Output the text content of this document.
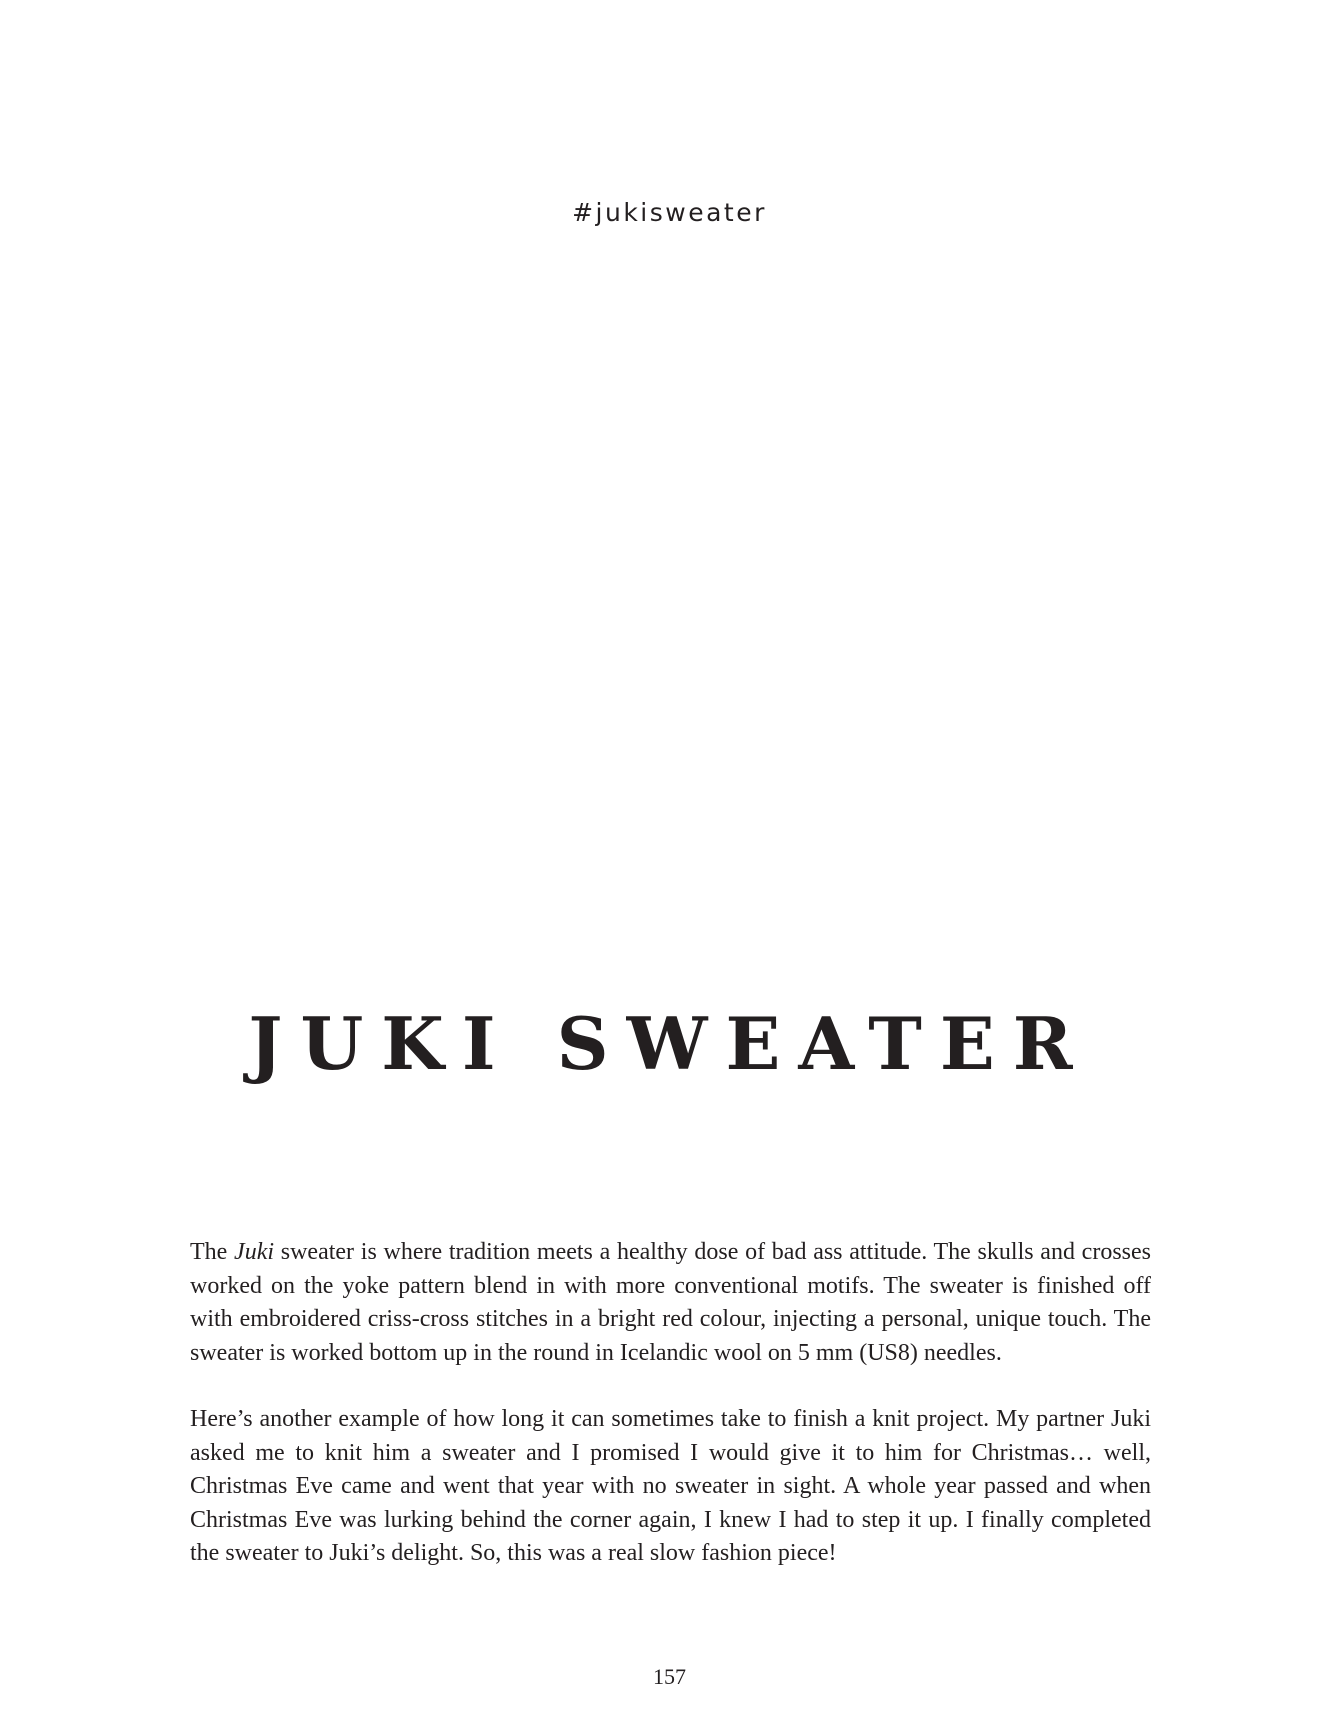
#jukisweater
JUKI SWEATER

The Juki sweater is where tradition meets a healthy dose of bad ass attitude. The skulls and crosses worked on the yoke pattern blend in with more conventional motifs. The sweater is finished off with embroidered criss-cross stitches in a bright red colour, injecting a personal, unique touch. The sweater is worked bottom up in the round in Icelandic wool on 5 mm (US8) needles.

Here’s another example of how long it can sometimes take to finish a knit project. My partner Juki asked me to knit him a sweater and I promised I would give it to him for Christmas… well, Christmas Eve came and went that year with no sweater in sight. A whole year passed and when Christmas Eve was lurking behind the corner again, I knew I had to step it up. I finally completed the sweater to Juki’s delight. So, this was a real slow fashion piece!

157
